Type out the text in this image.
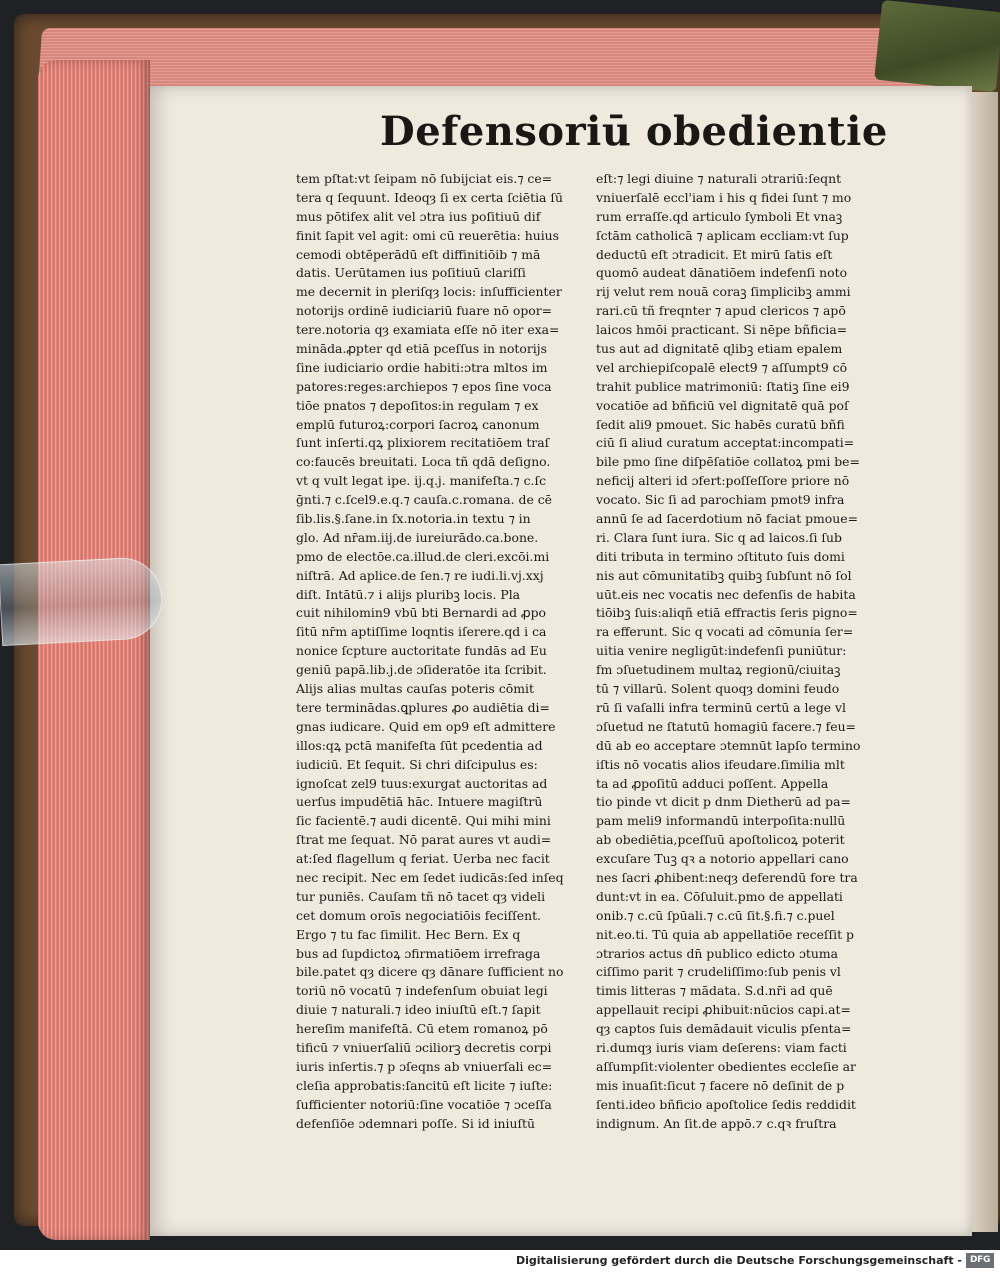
Defensoriū obedientie
tem pſtat:vt ſeipam nō ſubijciat eis.⁊ ce=
tera q ſequunt. Ideoqȝ ſi ex certa ſciētia ſū
mus pōtifex alit vel ɔtra ius poſitiuū dif
finit ſapit vel agit: omi cū reuerētia: huius
cemodi obtēperādū eſt diffinitiōib ⁊ mā
datis. Uerūtamen ius poſitiuū clariſſi
me decernit in pleriſqȝ locis: inſufficienter
notorijs ordinē iudiciariū fuare nō opor=
tere.notoria qȝ examiata eſſe nō iter exa=
mināda.ꝓpter qd etiā pceſſus in notorijs
ſine iudiciario ordie habiti:ɔtra mltos im
patores:reges:archiepos ⁊ epos ſine voca
tiōe pnatos ⁊ depoſitos:in regulam ⁊ ex
emplū futuroꝝ:corpori ſacroꝝ canonum
ſunt inſerti.qꝝ plixiorem recitatiōem traſ
co:faucēs breuitati. Loca tñ qdā deſigno.
vt q vult legat ipe. ij.q.j. manifeſta.⁊ c.ſc
ḡnti.⁊ c.ſcel9.e.q.⁊ cauſa.c.romana. de cē
ſib.lis.§.ſane.in ſx.notoria.in textu ⁊ in
glo. Ad nr̄am.iij.de iureiurādo.ca.bone.
pmo de electōe.ca.illud.de cleri.excōi.mi
niſtrā. Ad aplice.de ſen.⁊ re iudi.li.vj.xxj
diſt. Intātū.⁊ i alijs pluribꝫ locis. Pla
cuit nihilomin9 vbū bti Bernardi ad ꝓpo
ſitū nr̄m aptiſſime loqntis iſerere.qd i ca
nonice ſcpture auctoritate fundās ad Eu
geniū papā.lib.j.de ɔſideratōe ita ſcribit.
Alijs alias multas cauſas poteris cōmit
tere terminādas.ꝗplures ꝓo audiētia di=
gnas iudicare. Quid em op9 eſt admittere
illos:qꝝ pctā manifeſta ſūt pcedentia ad
iudiciū. Et ſequit. Si chri diſcipulus es:
ignoſcat zel9 tuus:exurgat auctoritas ad
uerſus impudētiā hāc. Intuere magiſtrū
ſic facientē.⁊ audi dicentē. Qui mihi mini
ſtrat me ſequat. Nō parat aures vt audi=
at:ſed flagellum q feriat. Uerba nec facit
nec recipit. Nec em ſedet iudicās:ſed inſeq
tur puniēs. Cauſam tñ nō tacet qȝ videli
cet domum oroīs negociatiōis feciſſent.
Ergo ⁊ tu fac ſimilit. Hec Bern. Ex q
bus ad ſupdictoꝝ ɔfirmatiōem irrefraga
bile.patet qȝ dicere qȝ dānare ſufficient no
toriū nō vocatū ⁊ indefenſum obuiat legi
diuie ⁊ naturali.⁊ ideo iniuſtū eſt.⁊ ſapit
hereſim manifeſtā. Cū etem romanoꝝ pō
tificū ⁊ vniuerſaliū ɔciliorꝫ decretis corpi
iuris inſertis.⁊ p ɔſeqns ab vniuerſali ec=
cleſia approbatis:ſancitū eſt licite ⁊ iuſte:
ſufficienter notoriū:ſine vocatiōe ⁊ ɔceſſa
defenſiōe ɔdemnari poſſe. Si id iniuſtū
eſt:⁊ legi diuine ⁊ naturali ɔtrariū:ſeqnt
vniuerſalē eccl'iam i his q fidei ſunt ⁊ mo
rum erraſſe.qd articulo ſymboli Et vnaꝫ
ſctām catholicā ⁊ aplicam eccliam:vt ſup
deductū eſt ɔtradicit. Et mirū ſatis eſt
quomō audeat dānatiōem indefenſi noto
rij velut rem nouā coraꝫ ſimplicibꝫ ammi
rari.cū tñ freqnter ⁊ apud clericos ⁊ apō
laicos hmōi practicant. Si nēpe bñficia=
tus aut ad dignitatē ɋlibꝫ etiam epalem
vel archiepiſcopalē elect9 ⁊ aſſumpt9 cō
trahit publice matrimoniū: ſtatiꝫ ſine ei9
vocatiōe ad bñficiū vel dignitatē quā poſ
ſedit ali9 pmouet. Sic habēs curatū bñfi
ciū ſi aliud curatum acceptat:incompati=
bile pmo ſine diſpēſatiōe collatoꝝ pmi be=
neficij alteri id ɔfert:poſſeſſore priore nō
vocato. Sic ſi ad parochiam pmot9 infra
annū ſe ad ſacerdotium nō faciat pmoue=
ri. Clara ſunt iura. Sic q ad laicos.ſi ſub
diti tributa in termino ɔſtituto ſuis domi
nis aut cōmunitatibꝫ quibꝫ ſubſunt nō ſol
uūt.eis nec vocatis nec defenſis de habita
tiōibꝫ ſuis:aliqñ etiā effractis ſeris pigno=
ra efferunt. Sic q vocati ad cōmunia ſer=
uitia venire negligūt:indefenſi puniūtur:
fm ɔſuetudinem multaꝝ regionū/ciuitaꝫ
tū ⁊ villarū. Solent quoqȝ domini feudo
rū ſi vaſalli infra terminū certū a lege vl
ɔſuetud ne ſtatutū homagiū facere.⁊ feu=
dū ab eo acceptare ɔtemnūt lapſo termino
iſtis nō vocatis alios ifeudare.ſimilia mlt
ta ad ꝓpoſitū adduci poſſent. Appella
tio pinde vt dicit p dnm Dietherū ad pa=
pam meli9 informandū interpoſita:nullū
ab obediētia,pceſſuū apoſtolicoꝝ poterit
excuſare Tuꝫ qꝛ a notorio appellari cano
nes ſacri ꝓhibent:neqȝ deferendū fore tra
dunt:vt in ea. Cōſuluit.pmo de appellati
onib.⁊ c.cū ſpūali.⁊ c.cū ſit.§.fi.⁊ c.puel
nit.eo.ti. Tū quia ab appellatiōe receſſit p
ɔtrarios actus dn̄ publico edicto ɔtuma
ciſſimo parit ⁊ crudeliſſimo:ſub penis vl
timis litteras ⁊ mādata. S.d.nr̄i ad quē
appellauit recipi ꝓhibuit:nūcios capi.at=
qȝ captos ſuis demādauit viculis pſenta=
ri.dumqȝ iuris viam deſerens: viam facti
aſſumpſit:violenter obedientes eccleſie ar
mis inuaſit:ſicut ⁊ facere nō deſinit de p
ſenti.ideo bñficio apoſtolice ſedis reddidit
indignum. An ſit.de appō.⁊ c.qꝛ fruſtra
Digitalisierung gefördert durch die Deutsche Forschungsgemeinschaft - DFG
